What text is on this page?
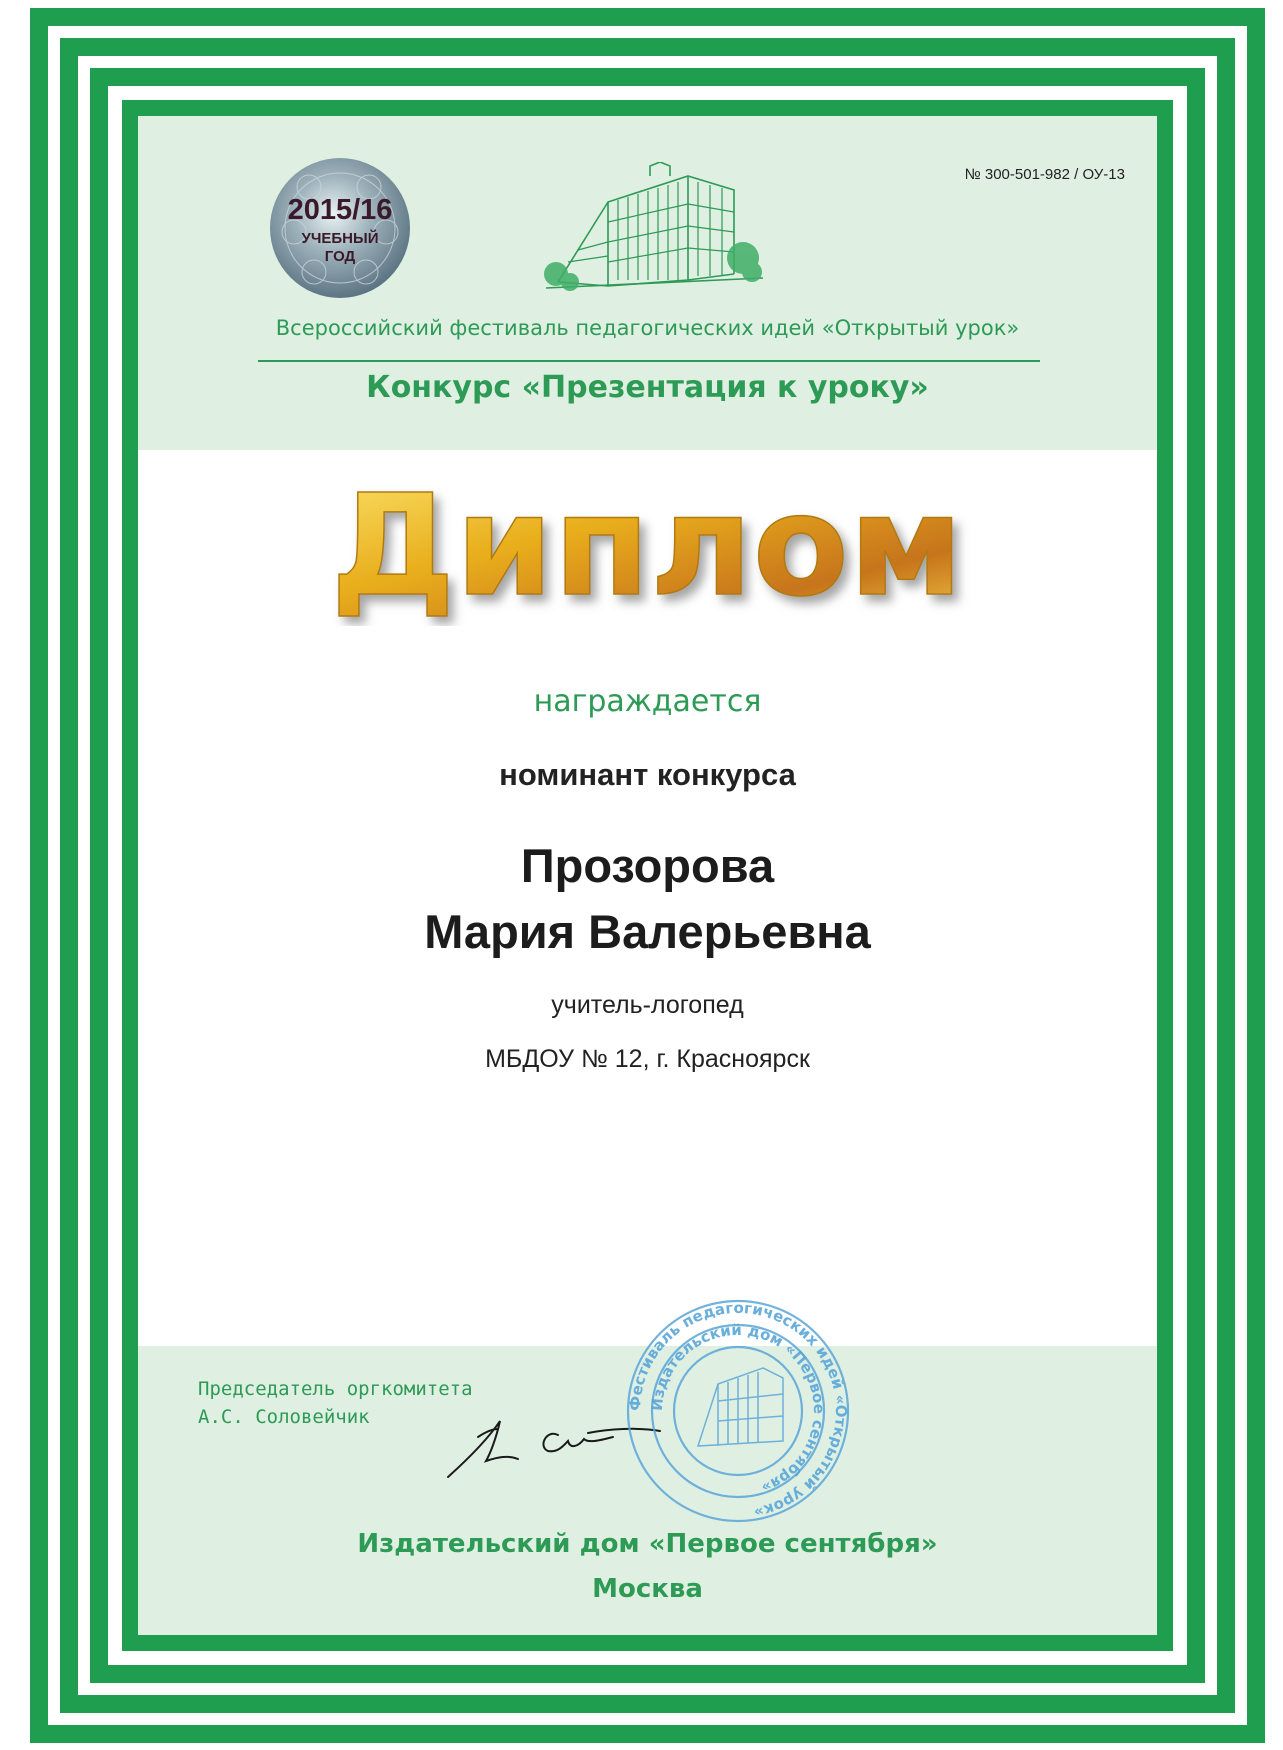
№ 300-501-982 / ОУ-13
2015/16
УЧЕБНЫЙ
ГОД
Всероссийский фестиваль педагогических идей «Открытый урок»
Конкурс «Презентация к уроку»
Диплом
награждается
номинант конкурса
Прозорова
Мария Валерьевна
учитель-логопед
МБДОУ № 12, г. Красноярск
Председатель оргкомитета
А.С. Соловейчик
Фестиваль педагогических идей «Открытый урок»
Издательский дом «Первое сентября»
Издательский дом «Первое сентября»
Москва
